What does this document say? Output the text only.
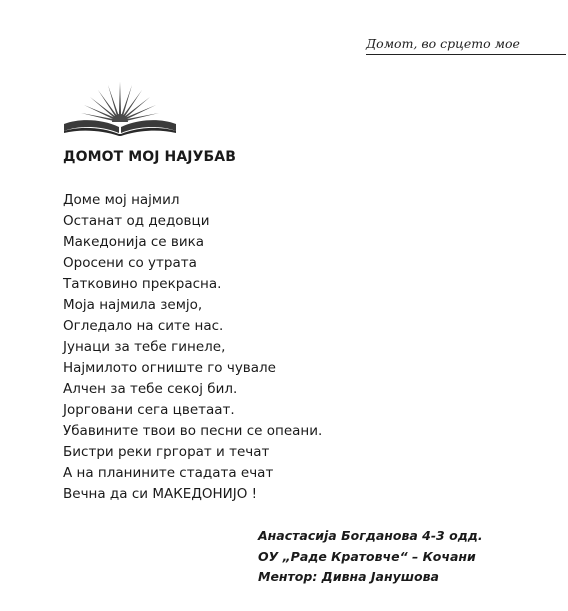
Домот, во срцето мое
ДОМОТ МОЈ НАЈУБАВ
Доме мој најмил
Останат од дедовци
Македонија се вика
Оросени со утрата
Татковино прекрасна.
Моја најмила земјо,
Огледало на сите нас.
Јунаци за тебе гинеле,
Најмилото огниште го чувале
Алчен за тебе секој бил.
Јорговани сега цветаат.
Убавините твои во песни се опеани.
Бистри реки гргорат и течат
А на планините стадата ечат
Вечна да си МАКЕДОНИЈО !
Анастасија Богданова 4-3 одд.
ОУ „Раде Кратовче“ – Кочани
Ментор: Дивна Јанушова
